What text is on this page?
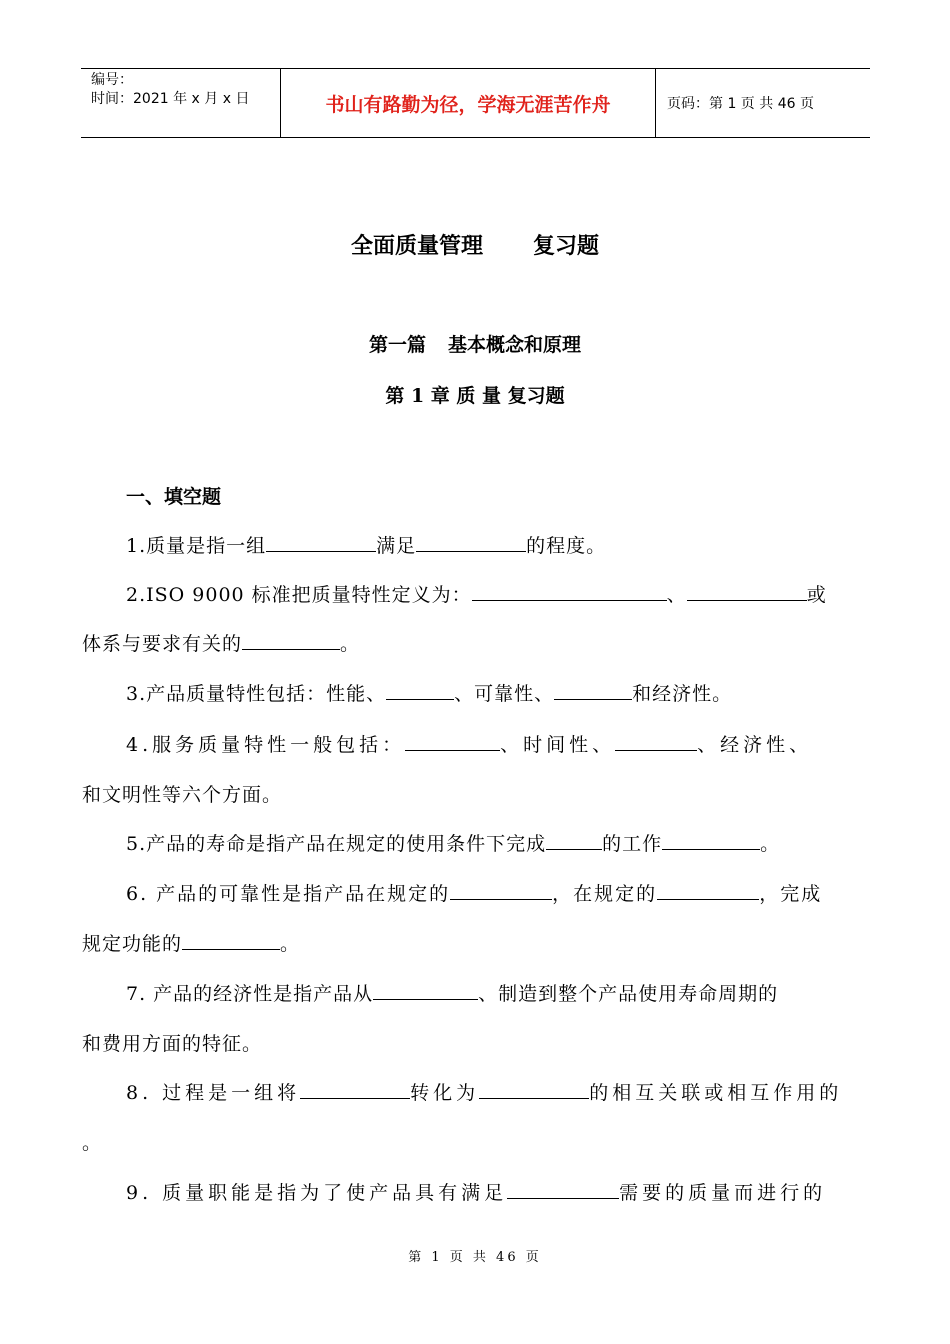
编号：
时间：2021 年 x 月 x 日	书山有路勤为径，学海无涯苦作舟	页码：第 1 页 共 46 页
全面质量管理 复习题
第一篇 基本概念和原理
第 1 章 质 量 复习题
一、填空题
1.质量是指一组	满足	的程度。
2.ISO 9000 标准把质量特性定义为：	、	或
体系与要求有关的	。
3.产品质量特性包括：性能、	、可靠性、	和经济性。
4.服务质量特性一般包括：	、时间性、	、经济性、
和文明性等六个方面。
5.产品的寿命是指产品在规定的使用条件下完成	的工作	。
6. 产品的可靠性是指产品在规定的	，在规定的	，完成
规定功能的	。
7. 产品的经济性是指产品从	、制造到整个产品使用寿命周期的
和费用方面的特征。
8. 过程是一组将	转化为	的相互关联或相互作用的
。
9. 质量职能是指为了使产品具有满足	需要的质量而进行的
第 1 页 共 46 页
